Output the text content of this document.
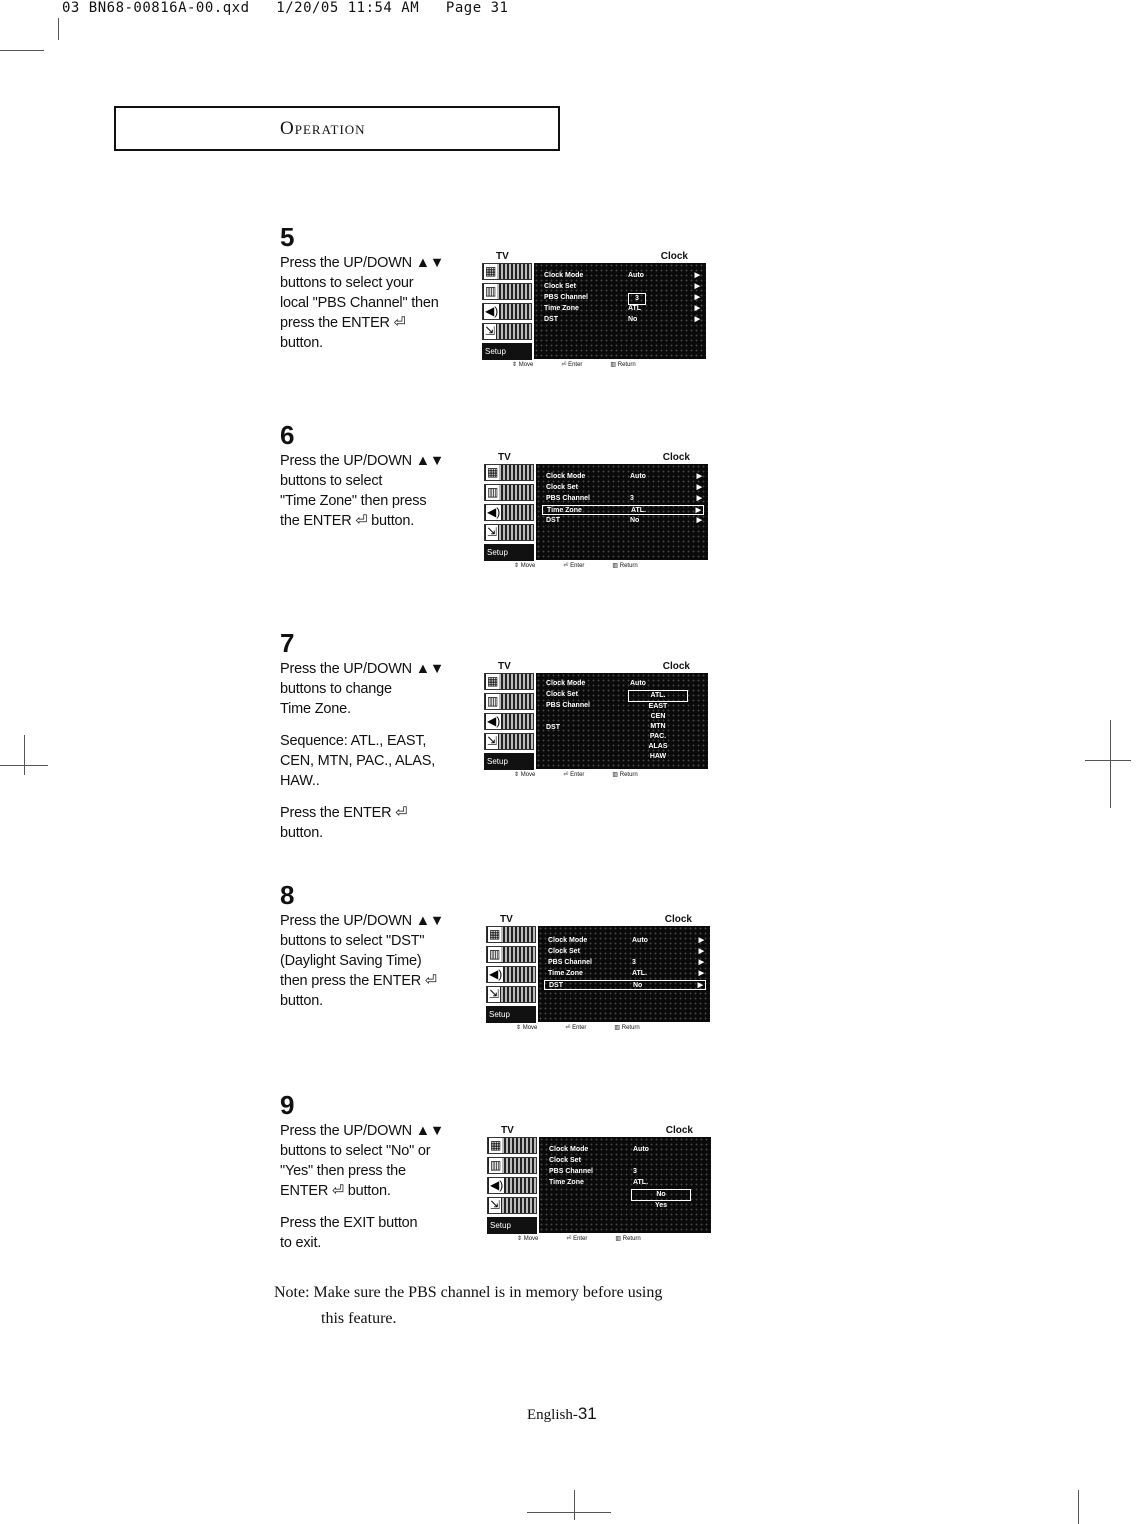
03 BN68-00816A-00.qxd   1/20/05 11:54 AM   Page 31
Operation
5

Press the UP/DOWN ▲▼
buttons to select your
local "PBS Channel" then
press the ENTER ⏎
button.

TV	Clock
▦
▥
◀)
⇲
Setup
Clock Mode	Auto	▶
Clock Set	▶
PBS Channel	3	▶
Time Zone	ATL	▶
DST	No	▶
⇕ Move	⏎ Enter	▥ Return
6

Press the UP/DOWN ▲▼
buttons to select
"Time Zone" then press
the ENTER ⏎ button.

TV	Clock
▦
▥
◀)
⇲
Setup
Clock Mode	Auto	▶
Clock Set	▶
PBS Channel	3	▶
Time Zone	ATL.	▶
DST	No	▶
⇕ Move	⏎ Enter	▥ Return
7

Press the UP/DOWN ▲▼
buttons to change
Time Zone.

Sequence: ATL., EAST,
CEN, MTN, PAC., ALAS,
HAW..

Press the ENTER ⏎
button.

TV	Clock
▦
▥
◀)
⇲
Setup
Clock Mode	Auto
Clock Set
PBS Channel
DST
ATL.
EAST
CEN
MTN
PAC.
ALAS
HAW
⇕ Move	⏎ Enter	▥ Return
8

Press the UP/DOWN ▲▼
buttons to select "DST"
(Daylight Saving Time)
then press the ENTER ⏎
button.

TV	Clock
▦
▥
◀)
⇲
Setup
Clock Mode	Auto	▶
Clock Set	▶
PBS Channel	3	▶
Time Zone	ATL.	▶
DST	No	▶
⇕ Move	⏎ Enter	▥ Return
9

Press the UP/DOWN ▲▼
buttons to select "No" or
"Yes" then press the
ENTER ⏎ button.

Press the EXIT button
to exit.

TV	Clock
▦
▥
◀)
⇲
Setup
Clock Mode	Auto
Clock Set
PBS Channel	3
Time Zone	ATL.
No
Yes
⇕ Move	⏎ Enter	▥ Return
Note: Make sure the PBS channel is in memory before using
this feature.
English-31
